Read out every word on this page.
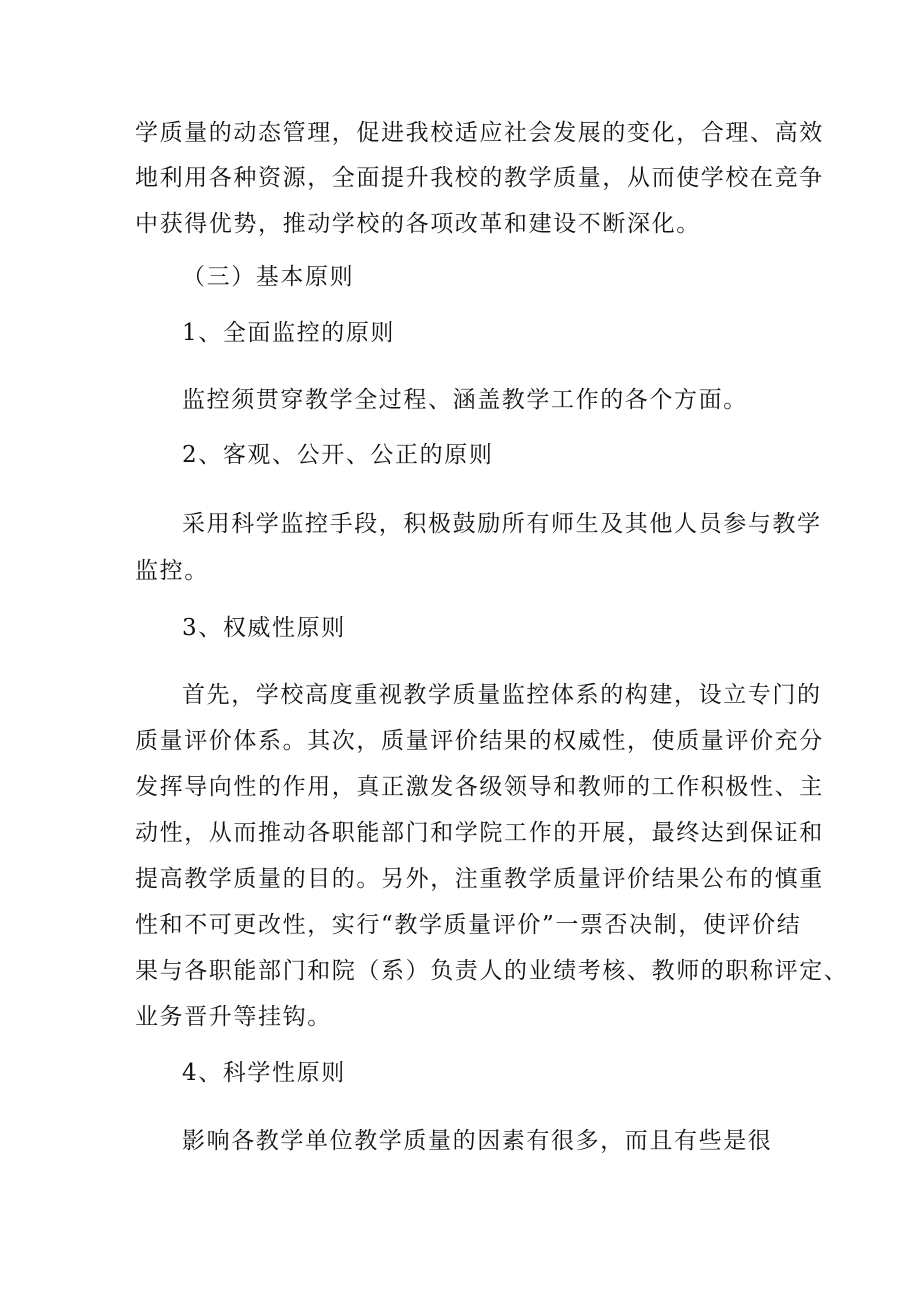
学质量的动态管理，促进我校适应社会发展的变化，合理、高效
地利用各种资源，全面提升我校的教学质量，从而使学校在竞争
中获得优势，推动学校的各项改革和建设不断深化。
（三）基本原则
1、全面监控的原则
监控须贯穿教学全过程、涵盖教学工作的各个方面。
2、客观、公开、公正的原则
采用科学监控手段，积极鼓励所有师生及其他人员参与教学
监控。
3、权威性原则
首先，学校高度重视教学质量监控体系的构建，设立专门的
质量评价体系。其次，质量评价结果的权威性，使质量评价充分
发挥导向性的作用，真正激发各级领导和教师的工作积极性、主
动性，从而推动各职能部门和学院工作的开展，最终达到保证和
提高教学质量的目的。另外，注重教学质量评价结果公布的慎重
性和不可更改性，实行“教学质量评价”一票否决制，使评价结
果与各职能部门和院（系）负责人的业绩考核、教师的职称评定、
业务晋升等挂钩。
4、科学性原则
影响各教学单位教学质量的因素有很多，而且有些是很
